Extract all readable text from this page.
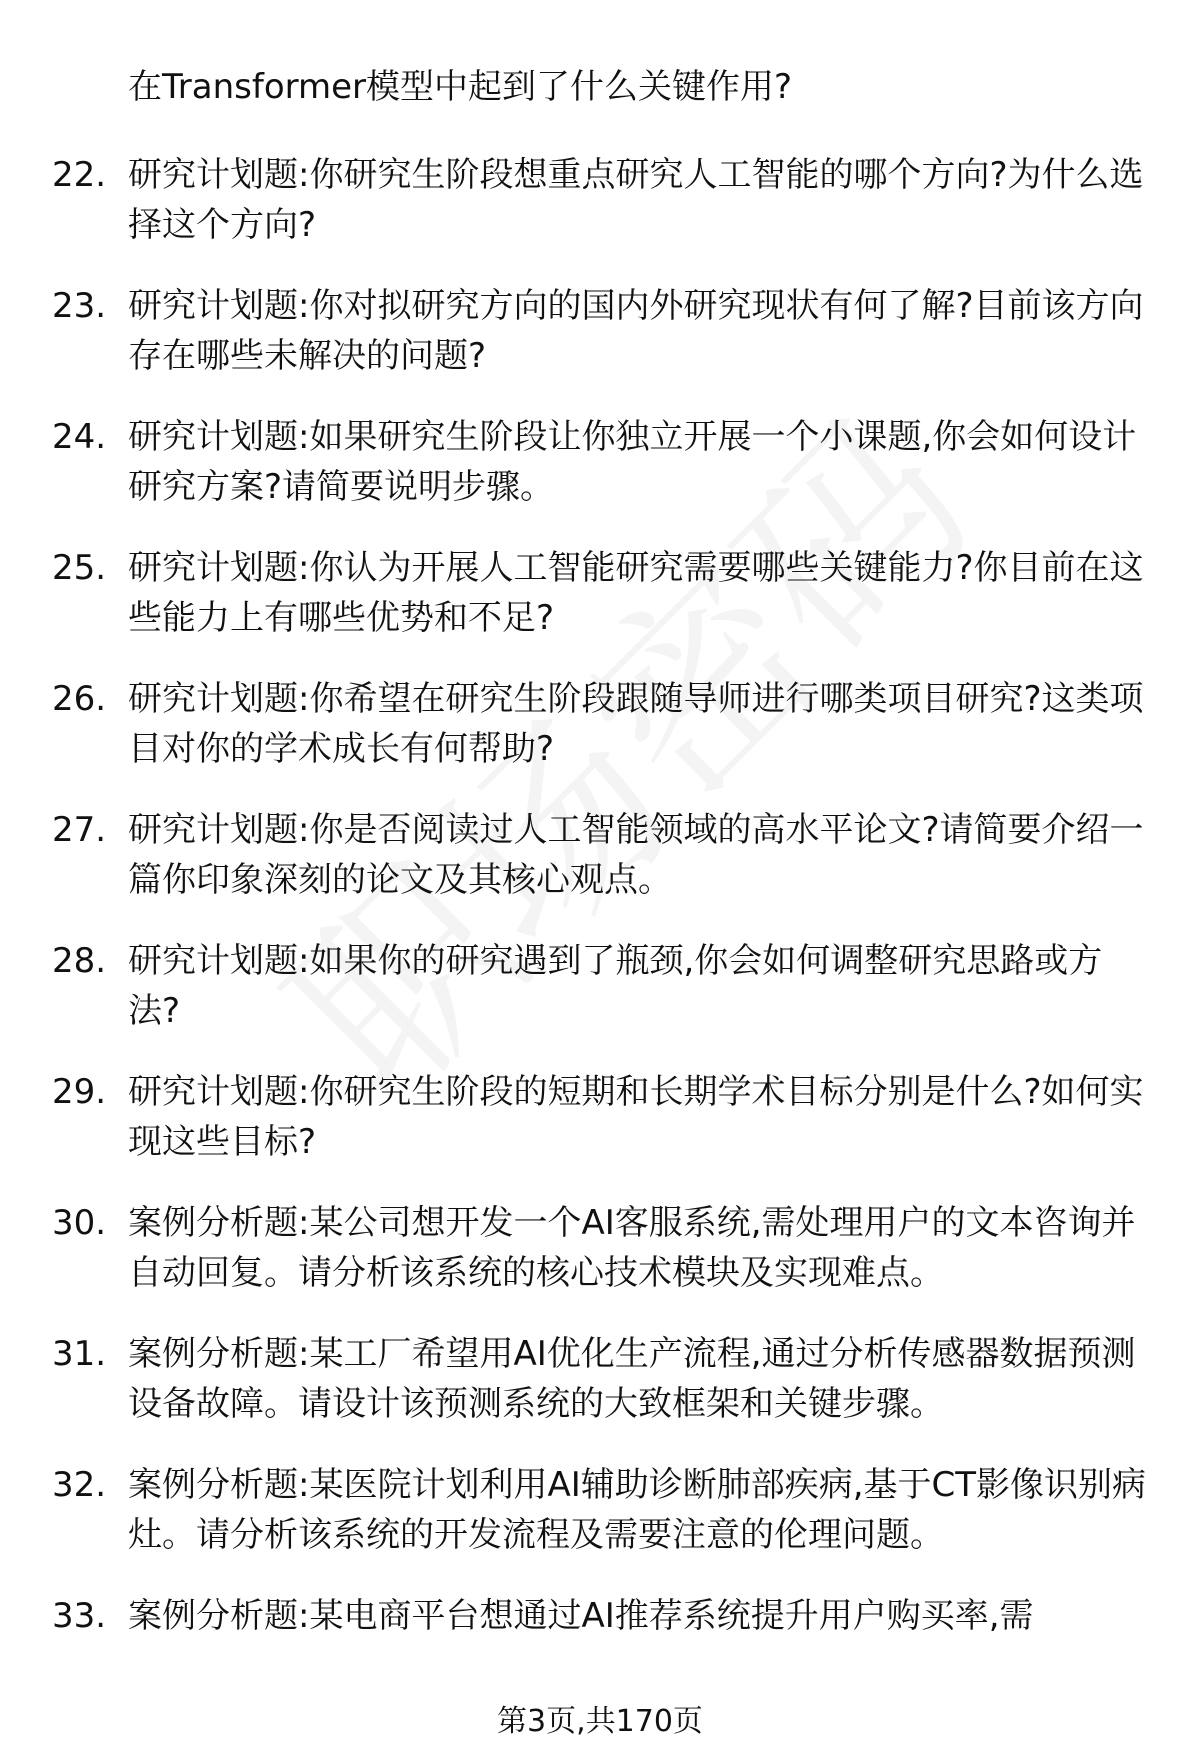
在Transformer模型中起到了什么关键作用?

22. 研究计划题:你研究生阶段想重点研究人工智能的哪个方向?为什么选择这个方向?

23. 研究计划题:你对拟研究方向的国内外研究现状有何了解?目前该方向存在哪些未解决的问题?

24. 研究计划题:如果研究生阶段让你独立开展一个小课题,你会如何设计研究方案?请简要说明步骤。

25. 研究计划题:你认为开展人工智能研究需要哪些关键能力?你目前在这些能力上有哪些优势和不足?

26. 研究计划题:你希望在研究生阶段跟随导师进行哪类项目研究?这类项目对你的学术成长有何帮助?

27. 研究计划题:你是否阅读过人工智能领域的高水平论文?请简要介绍一篇你印象深刻的论文及其核心观点。

28. 研究计划题:如果你的研究遇到了瓶颈,你会如何调整研究思路或方法?

29. 研究计划题:你研究生阶段的短期和长期学术目标分别是什么?如何实现这些目标?

30. 案例分析题:某公司想开发一个AI客服系统,需处理用户的文本咨询并自动回复。请分析该系统的核心技术模块及实现难点。

31. 案例分析题:某工厂希望用AI优化生产流程,通过分析传感器数据预测设备故障。请设计该预测系统的大致框架和关键步骤。

32. 案例分析题:某医院计划利用AI辅助诊断肺部疾病,基于CT影像识别病灶。请分析该系统的开发流程及需要注意的伦理问题。

33. 案例分析题:某电商平台想通过AI推荐系统提升用户购买率,需

第3页,共170页
